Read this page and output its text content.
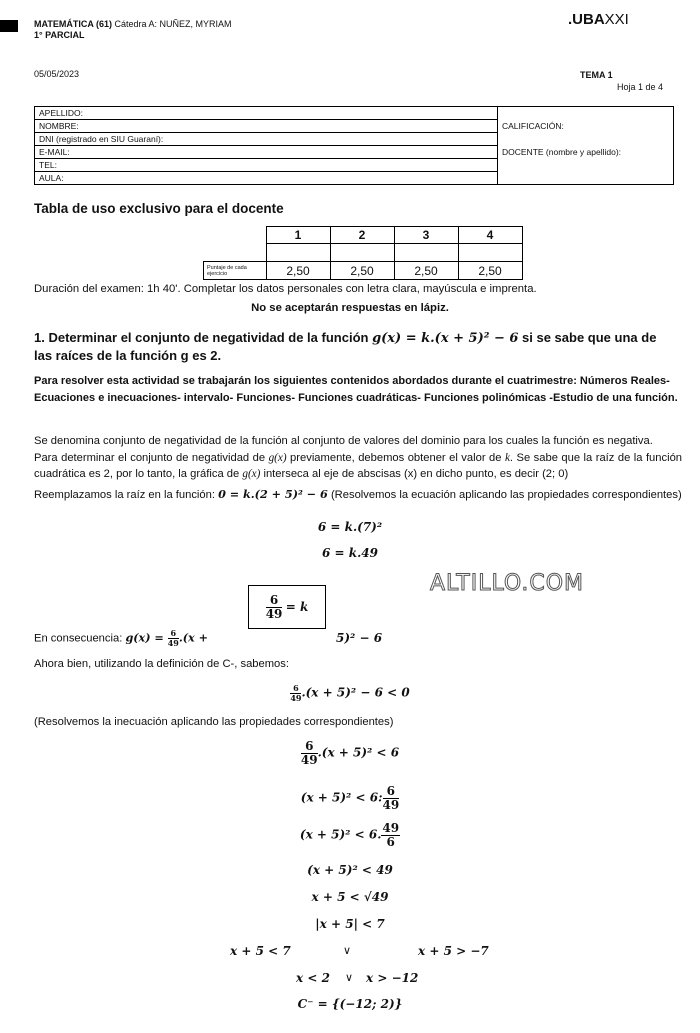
MATEMÁTICA (61) Cátedra A: NUÑEZ, MYRIAM
1° PARCIAL
.UBAXXI
05/05/2023	TEMA 1
Hoja 1 de 4
APELLIDO:	CALIFICACIÓN:
NOMBRE:	
DNI (registrado en SIU Guaraní):	
E-MAIL:	DOCENTE (nombre y apellido):
TEL:	
AULA:	
Tabla de uso exclusivo para el docente
	1	2	3	4

Puntaje de cada ejercicio	2,50	2,50	2,50	2,50
Duración del examen: 1h 40'. Completar los datos personales con letra clara, mayúscula e imprenta.
No se aceptarán respuestas en lápiz.
1. Determinar el conjunto de negatividad de la función g(x) = k.(x + 5)² − 6 si se sabe que una de las raíces de la función g es 2.
Para resolver esta actividad se trabajarán los siguientes contenidos abordados durante el cuatrimestre: Números Reales- Ecuaciones e inecuaciones- intervalo- Funciones- Funciones cuadráticas- Funciones polinómicas -Estudio de una función.
Se denomina conjunto de negatividad de la función al conjunto de valores del dominio para los cuales la función es negativa.
Para determinar el conjunto de negatividad de g(x) previamente, debemos obtener el valor de k. Se sabe que la raíz de la función cuadrática es 2, por lo tanto, la gráfica de g(x) interseca al eje de abscisas (x) en dicho punto, es decir (2; 0)
Reemplazamos la raíz en la función: 0 = k.(2 + 5)² − 6 (Resolvemos la ecuación aplicando las propiedades correspondientes)
6 = k.(7)²
6 = k.49
$\frac{6}{49} = k$
ALTILLO.COM
En consecuencia: $g(x) = \frac{6}{49} .(x$ +	5)² − 6
Ahora bien, utilizando la definición de C-, sabemos:
$\frac{6}{49} .(x + 5)^2 - 6 < 0$
(Resolvemos la inecuación aplicando las propiedades correspondientes)
$\frac{6}{49} .(x + 5)^2 < 6$
(x + 5)² < 6: $\frac{6}{49}$
(x + 5)² < 6. $\frac{49}{6}$
(x + 5)² < 49
x + 5 < √49
|x + 5| < 7
x + 5 < 7	∨	x + 5 > −7
x < 2 ∨ x > −12
C⁻ = {(−12; 2)}
